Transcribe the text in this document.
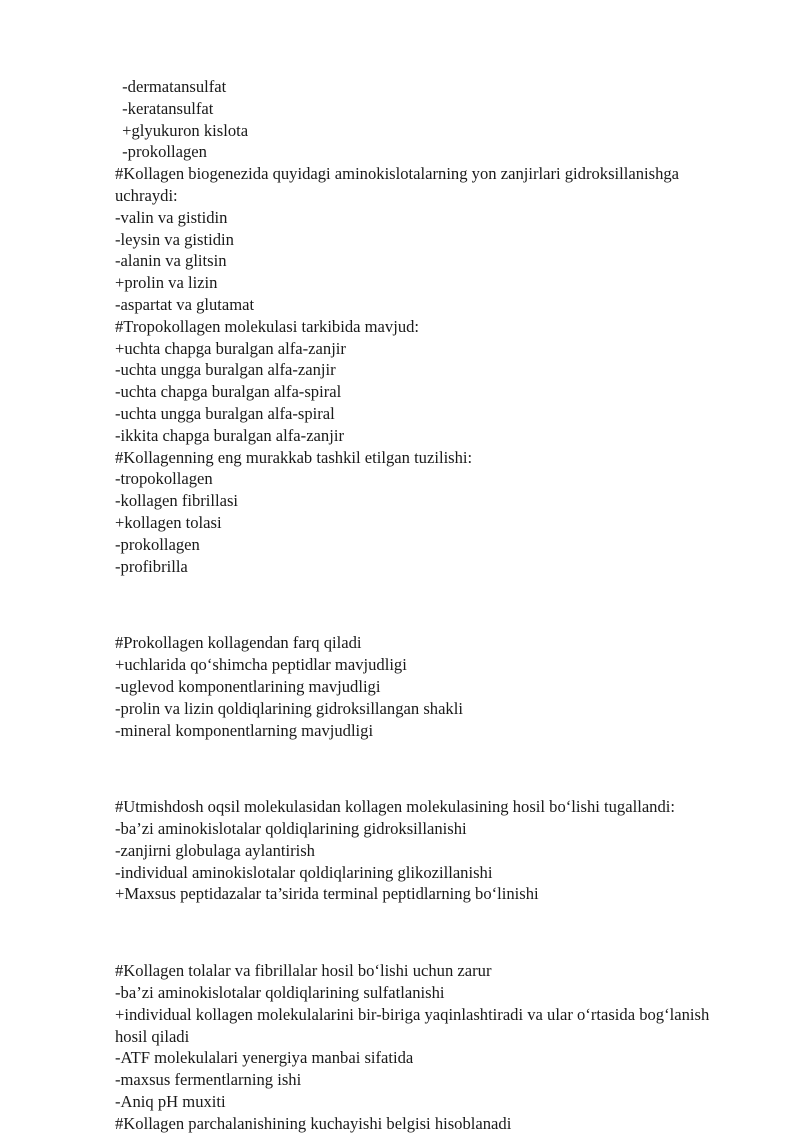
-dermatansulfat

-keratansulfat

+glyukuron kislota

-prokollagen

#Kollagen biogenezida quyidagi aminokislotalarning yon zanjirlari gidroksillanishga uchraydi:

-valin va gistidin

-leysin va gistidin

-alanin va glitsin

+prolin va lizin

-aspartat va glutamat

#Tropokollagen molekulasi tarkibida mavjud:

+uchta chapga buralgan alfa-zanjir

-uchta ungga buralgan alfa-zanjir

-uchta chapga buralgan alfa-spiral

-uchta ungga buralgan alfa-spiral

-ikkita chapga buralgan alfa-zanjir

#Kollagenning eng murakkab tashkil etilgan tuzilishi:

-tropokollagen

-kollagen fibrillasi

+kollagen tolasi

-prokollagen

-profibrilla

#Prokollagen kollagendan farq qiladi

+uchlarida qo‘shimcha peptidlar mavjudligi

-uglevod komponentlarining mavjudligi

-prolin va lizin qoldiqlarining gidroksillangan shakli

-mineral komponentlarning mavjudligi

#Utmishdosh oqsil molekulasidan kollagen molekulasining hosil bo‘lishi tugallandi:

-ba’zi aminokislotalar qoldiqlarining gidroksillanishi

-zanjirni globulaga aylantirish

-individual aminokislotalar qoldiqlarining glikozillanishi

+Maxsus peptidazalar ta’sirida terminal peptidlarning bo‘linishi

#Kollagen tolalar va fibrillalar hosil bo‘lishi uchun zarur

-ba’zi aminokislotalar qoldiqlarining sulfatlanishi

+individual kollagen molekulalarini bir-biriga yaqinlashtiradi va ular o‘rtasida bog‘lanish hosil qiladi

-ATF molekulalari yenergiya manbai sifatida

-maxsus fermentlarning ishi

-Aniq pH muxiti

#Kollagen parchalanishining kuchayishi belgisi hisoblanadi
